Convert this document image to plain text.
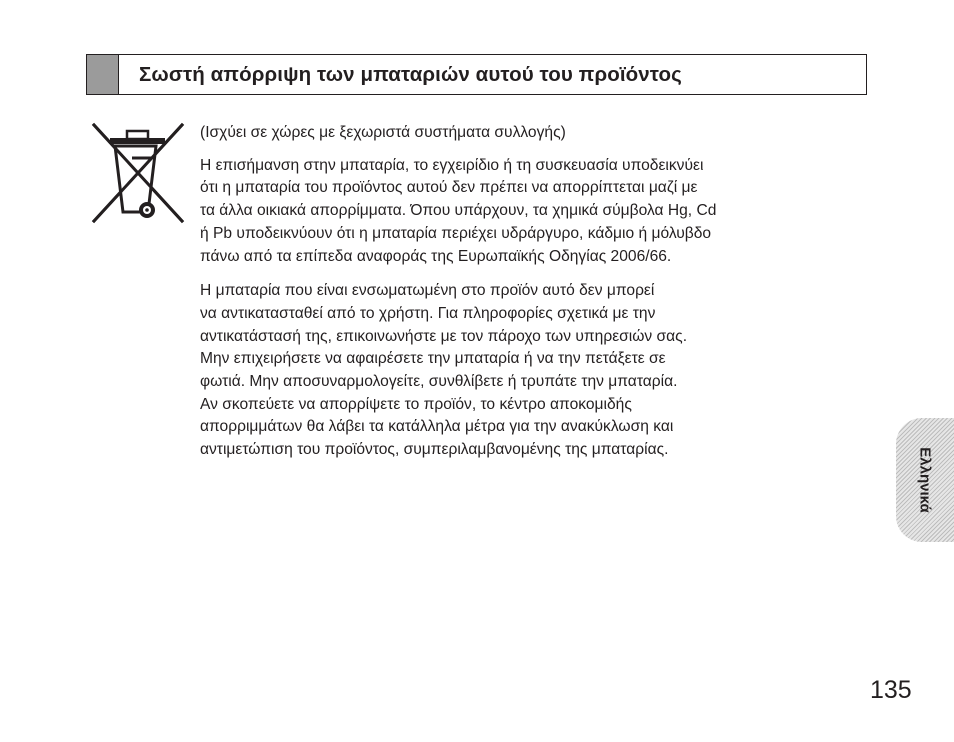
Σωστή απόρριψη των μπαταριών αυτού του προϊόντος

(Ισχύει σε χώρες με ξεχωριστά συστήματα συλλογής)

Η επισήμανση στην μπαταρία, το εγχειρίδιο ή τη συσκευασία υποδεικνύει
ότι η μπαταρία του προϊόντος αυτού δεν πρέπει να απορρίπτεται μαζί με
τα άλλα οικιακά απορρίμματα. Όπου υπάρχουν, τα χημικά σύμβολα Hg, Cd
ή Pb υποδεικνύουν ότι η μπαταρία περιέχει υδράργυρο, κάδμιο ή μόλυβδο
πάνω από τα επίπεδα αναφοράς της Ευρωπαϊκής Οδηγίας 2006/66.

Η μπαταρία που είναι ενσωματωμένη στο προϊόν αυτό δεν μπορεί
να αντικατασταθεί από το χρήστη. Για πληροφορίες σχετικά με την
αντικατάστασή της, επικοινωνήστε με τον πάροχο των υπηρεσιών σας.
Μην επιχειρήσετε να αφαιρέσετε την μπαταρία ή να την πετάξετε σε
φωτιά. Μην αποσυναρμολογείτε, συνθλίβετε ή τρυπάτε την μπαταρία.
Αν σκοπεύετε να απορρίψετε το προϊόν, το κέντρο αποκομιδής
απορριμμάτων θα λάβει τα κατάλληλα μέτρα για την ανακύκλωση και
αντιμετώπιση του προϊόντος, συμπεριλαμβανομένης της μπαταρίας.	Ελληνικά
135
